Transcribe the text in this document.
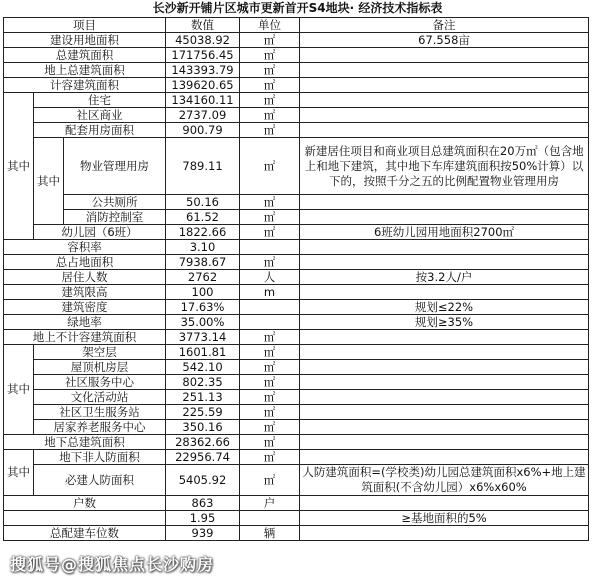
长沙新开铺片区城市更新首开S4地块· 经济技术指标表
项目			数值	单位	备注
建设用地面积			45038.92	㎡	67.558亩
总建筑面积			171756.45	㎡	
地上总建筑面积			143393.79	㎡	
计容建筑面积			139620.65	㎡	
其中	住宅		134160.11	㎡	
	社区商业		2737.09	㎡	
	配套用房面积		900.79	㎡	
	其中	物业管理用房	789.11	㎡	新建居住项目和商业项目总建筑面积在20万㎡（包含地上和地下建筑，其中地下车库建筑面积按50%计算）以下的，按照千分之五的比例配置物业管理用房
		公共厕所	50.16	㎡	
		消防控制室	61.52	㎡	
	幼儿园（6班）		1822.66	㎡	6班幼儿园用地面积2700㎡
容积率			3.10		
总占地面积			7938.67	㎡	
居住人数			2762	人	按3.2人/户
建筑限高			100	m	
建筑密度			17.63%		规划≤22%
绿地率			35.00%		规划≥35%
地上不计容建筑面积			3773.14	㎡	
其中	架空层		1601.81	㎡	
	屋顶机房层		542.10	㎡	
	社区服务中心		802.35	㎡	
	文化活动站		251.13	㎡	
	社区卫生服务站		225.59	㎡	
	居家养老服务中心		350.16	㎡	
地下总建筑面积			28362.66	㎡	
其中	地下非人防面积		22956.74	㎡	
	必建人防面积		5405.92	㎡	人防建筑面积=(学校类)幼儿园总建筑面积x6%+地上建筑面积(不含幼儿园）x6%x60%
户数			863	户	
			1.95		≥基地面积的5%
总配建车位数			939	辆	
搜狐号@搜狐焦点长沙购房
